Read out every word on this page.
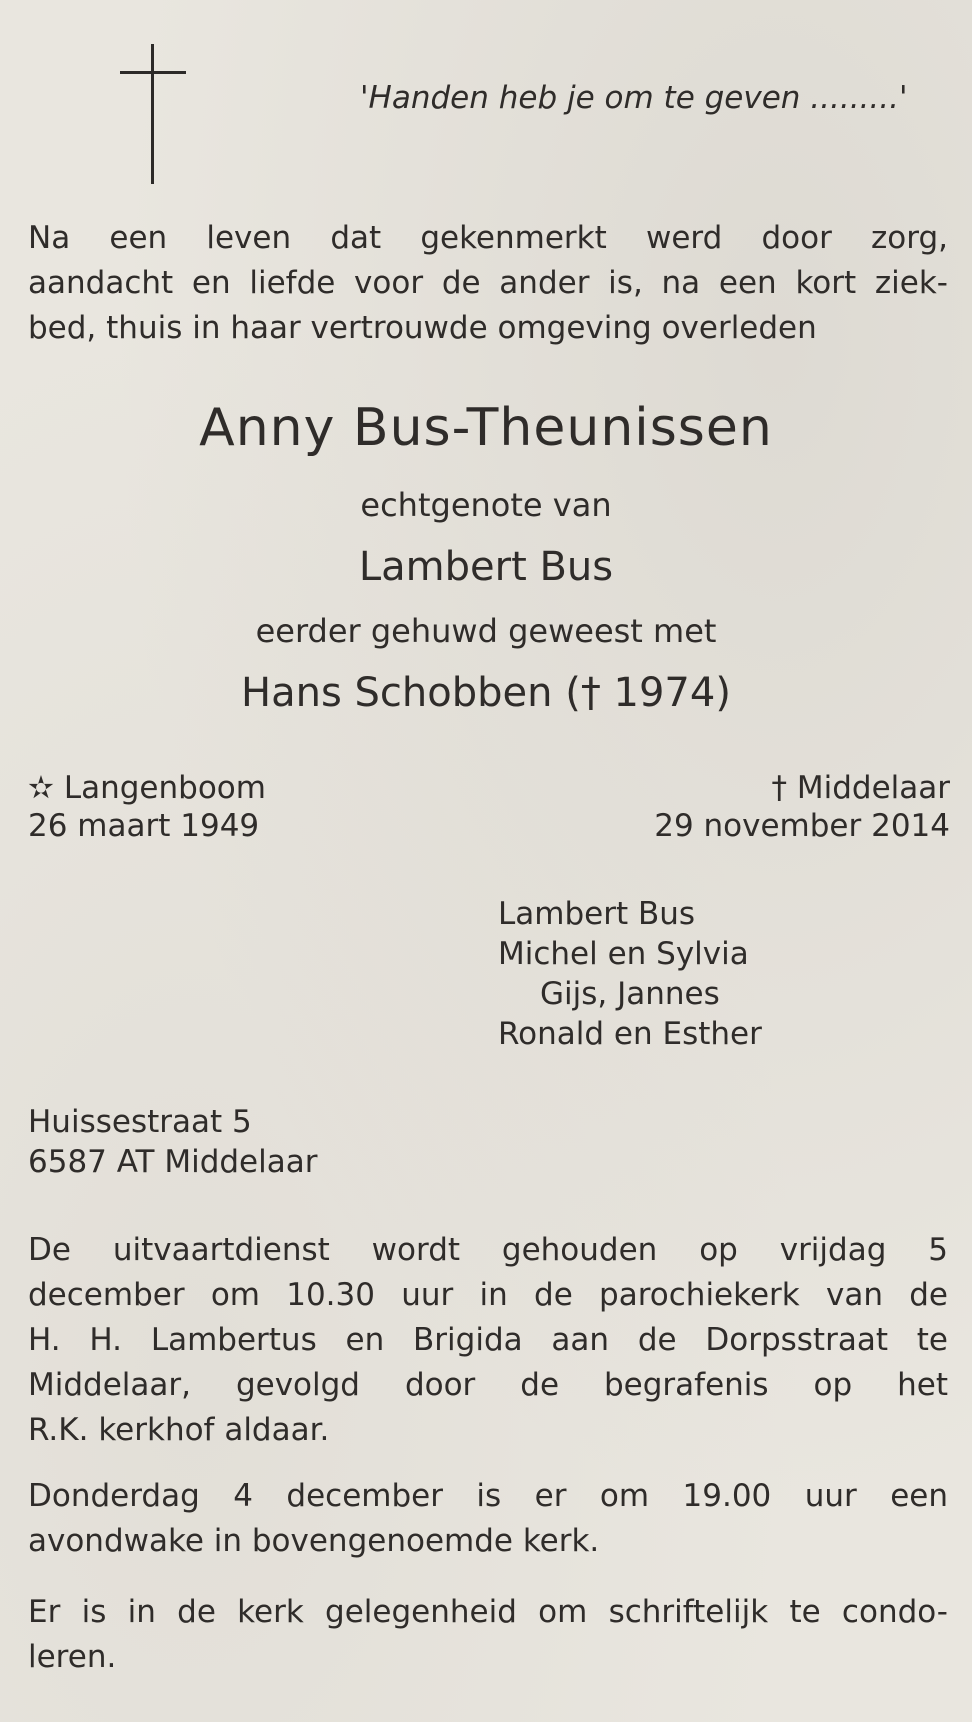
'Handen heb je om te geven .........'

Na een leven dat gekenmerkt werd door zorg,
aandacht en liefde voor de ander is, na een kort ziek-
bed, thuis in haar vertrouwde omgeving overleden

Anny Bus-Theunissen
echtgenote van
Lambert Bus
eerder gehuwd geweest met
Hans Schobben († 1974)
✫ Langenboom
26 maart 1949
† Middelaar
29 november 2014
Lambert Bus
Michel en Sylvia
Gijs, Jannes
Ronald en Esther
Huissestraat 5
6587 AT Middelaar

De uitvaartdienst wordt gehouden op vrijdag 5
december om 10.30 uur in de parochiekerk van de
H. H. Lambertus en Brigida aan de Dorpsstraat te
Middelaar, gevolgd door de begrafenis op het
R.K. kerkhof aldaar.

Donderdag 4 december is er om 19.00 uur een
avondwake in bovengenoemde kerk.

Er is in de kerk gelegenheid om schriftelijk te condo-
leren.
